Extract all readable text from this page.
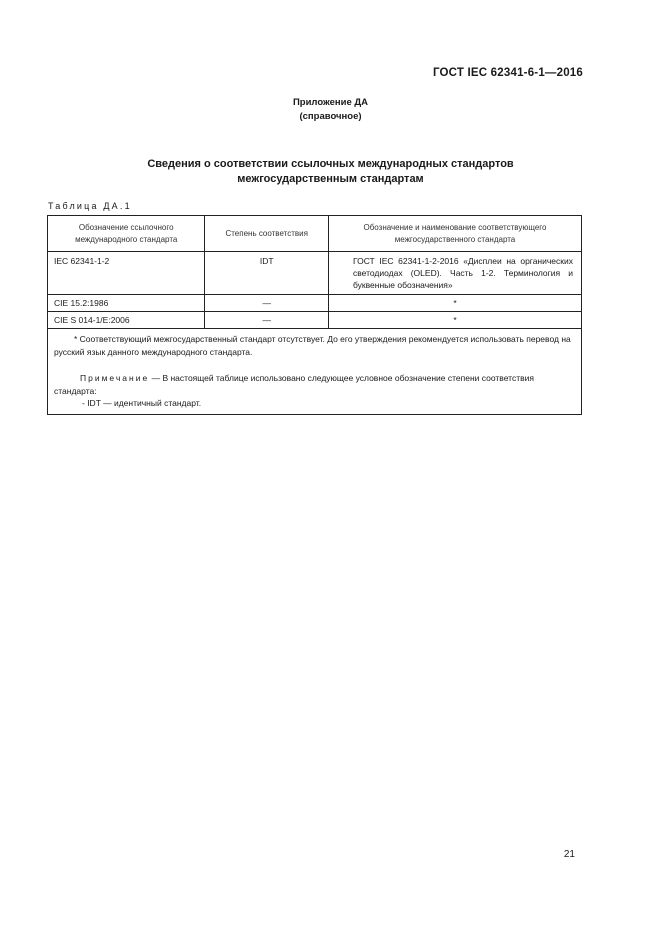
ГОСТ IEC 62341-6-1—2016
Приложение ДА
(справочное)
Сведения о соответствии ссылочных международных стандартов
межгосударственным стандартам
Таблица ДА.1
Обозначение ссылочного международного стандарта	Степень соответствия	Обозначение и наименование соответствующего межгосударственного стандарта
IEC 62341-1-2	IDT	ГОСТ IEC 62341-1-2-2016 «Дисплеи на органических светодиодах (OLED). Часть 1-2. Терминология и буквенные обозначения»

CIE 15.2:1986	—	*
CIE S 014-1/E:2006	—	*

* Соответствующий межгосударственный стандарт отсутствует. До его утверждения рекомендуется использовать перевод на русский язык данного международного стандарта.

Примечание — В настоящей таблице использовано следующее условное обозначение степени соответствия стандарта:

- IDT — идентичный стандарт.		

21
